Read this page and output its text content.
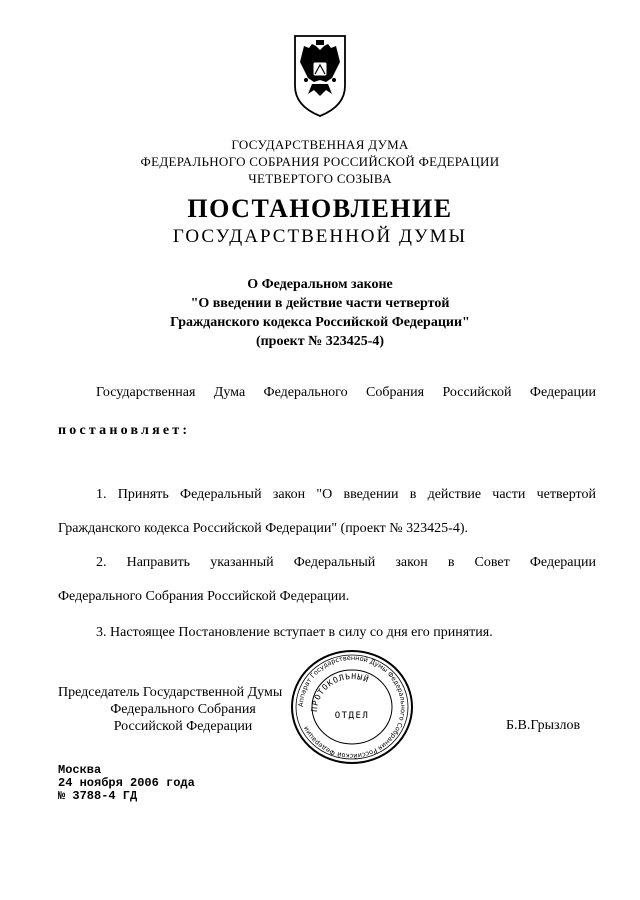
ГОСУДАРСТВЕННАЯ ДУМА
ФЕДЕРАЛЬНОГО СОБРАНИЯ РОССИЙСКОЙ ФЕДЕРАЦИИ
ЧЕТВЕРТОГО СОЗЫВА
ПОСТАНОВЛЕНИЕ
ГОСУДАРСТВЕННОЙ ДУМЫ
О Федеральном законе
"О введении в действие части четвертой
Гражданского кодекса Российской Федерации"
(проект № 323425-4)
Государственная Дума Федерального Собрания Российской Федерации
постановляет:
1. Принять Федеральный закон "О введении в действие части четвертой
Гражданского кодекса Российской Федерации" (проект № 323425-4).
2. Направить указанный Федеральный закон в Совет Федерации
Федерального Собрания Российской Федерации.
3. Настоящее Постановление вступает в силу со дня его принятия.
Председатель Государственной Думы
Федерального Собрания
Российской Федерации	Б.В.Грызлов
Аппарат Государственной Думы Федерального Собрания Российской Федерации
ПРОТОКОЛЬНЫЙ
ОТДЕЛ
Москва
24 ноября 2006 года
№ 3788-4 ГД
